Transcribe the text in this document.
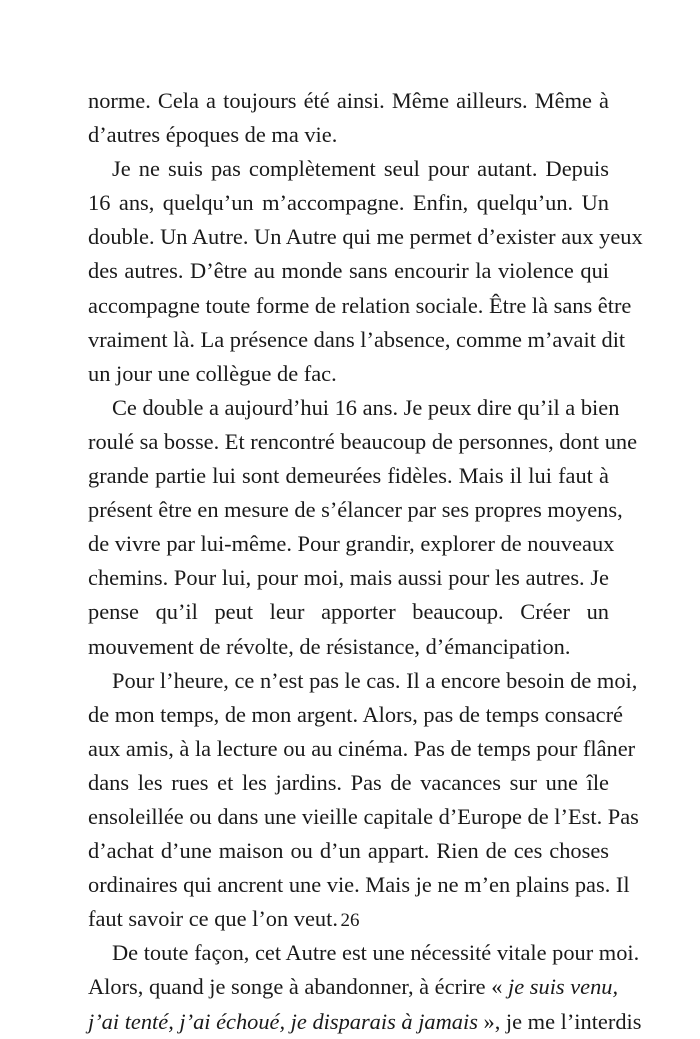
norme. Cela a toujours été ainsi. Même ailleurs. Même à
d’autres époques de ma vie.
Je ne suis pas complètement seul pour autant. Depuis
16 ans, quelqu’un m’accompagne. Enfin, quelqu’un. Un
double. Un Autre. Un Autre qui me permet d’exister aux yeux
des autres. D’être au monde sans encourir la violence qui
accompagne toute forme de relation sociale. Être là sans être
vraiment là. La présence dans l’absence, comme m’avait dit
un jour une collègue de fac.
Ce double a aujourd’hui 16 ans. Je peux dire qu’il a bien
roulé sa bosse. Et rencontré beaucoup de personnes, dont une
grande partie lui sont demeurées fidèles. Mais il lui faut à
présent être en mesure de s’élancer par ses propres moyens,
de vivre par lui-même. Pour grandir, explorer de nouveaux
chemins. Pour lui, pour moi, mais aussi pour les autres. Je
pense qu’il peut leur apporter beaucoup. Créer un
mouvement de révolte, de résistance, d’émancipation.
Pour l’heure, ce n’est pas le cas. Il a encore besoin de moi,
de mon temps, de mon argent. Alors, pas de temps consacré
aux amis, à la lecture ou au cinéma. Pas de temps pour flâner
dans les rues et les jardins. Pas de vacances sur une île
ensoleillée ou dans une vieille capitale d’Europe de l’Est. Pas
d’achat d’une maison ou d’un appart. Rien de ces choses
ordinaires qui ancrent une vie. Mais je ne m’en plains pas. Il
faut savoir ce que l’on veut.
De toute façon, cet Autre est une nécessité vitale pour moi.
Alors, quand je songe à abandonner, à écrire « je suis venu,
j’ai tenté, j’ai échoué, je disparais à jamais », je me l’interdis
26
